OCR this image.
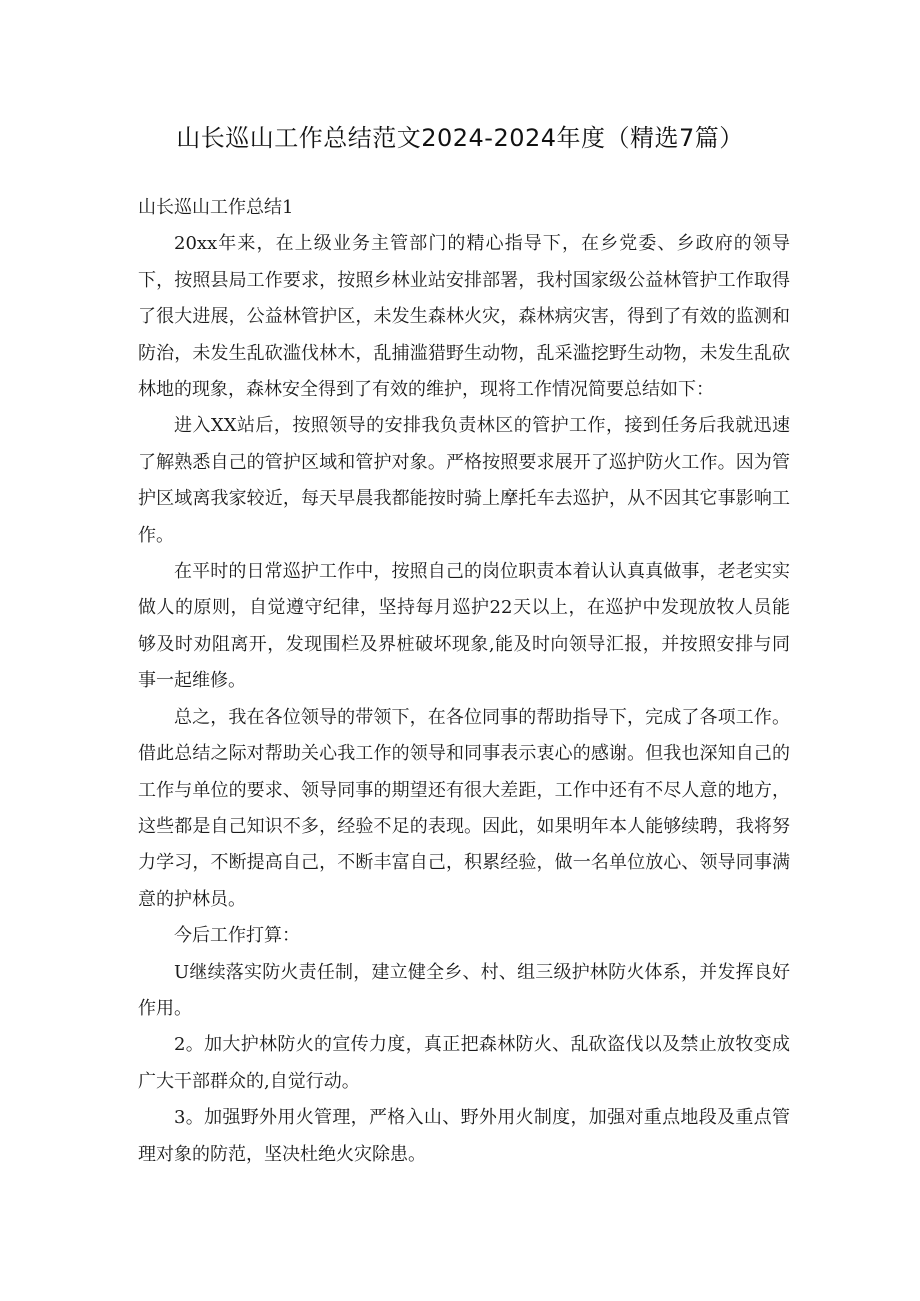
山长巡山工作总结范文2024-2024年度（精选7篇）

山长巡山工作总结1

20xx年来，在上级业务主管部门的精心指导下，在乡党委、乡政府的领导下，按照县局工作要求，按照乡林业站安排部署，我村国家级公益林管护工作取得了很大进展，公益林管护区，未发生森林火灾，森林病灾害，得到了有效的监测和防治，未发生乱砍滥伐林木，乱捕滥猎野生动物，乱采滥挖野生动物，未发生乱砍林地的现象，森林安全得到了有效的维护，现将工作情况简要总结如下：

进入XX站后，按照领导的安排我负责林区的管护工作，接到任务后我就迅速了解熟悉自己的管护区域和管护对象。严格按照要求展开了巡护防火工作。因为管护区域离我家较近，每天早晨我都能按时骑上摩托车去巡护，从不因其它事影响工作。

在平时的日常巡护工作中，按照自己的岗位职责本着认认真真做事，老老实实做人的原则，自觉遵守纪律，坚持每月巡护22天以上，在巡护中发现放牧人员能够及时劝阻离开，发现围栏及界桩破坏现象,能及时向领导汇报，并按照安排与同事一起维修。

总之，我在各位领导的带领下，在各位同事的帮助指导下，完成了各项工作。借此总结之际对帮助关心我工作的领导和同事表示衷心的感谢。但我也深知自己的工作与单位的要求、领导同事的期望还有很大差距，工作中还有不尽人意的地方，这些都是自己知识不多，经验不足的表现。因此，如果明年本人能够续聘，我将努力学习，不断提高自己，不断丰富自己，积累经验，做一名单位放心、领导同事满意的护林员。

今后工作打算：

U继续落实防火责任制，建立健全乡、村、组三级护林防火体系，并发挥良好作用。

2。加大护林防火的宣传力度，真正把森林防火、乱砍盗伐以及禁止放牧变成广大干部群众的,自觉行动。

3。加强野外用火管理，严格入山、野外用火制度，加强对重点地段及重点管理对象的防范，坚决杜绝火灾除患。
